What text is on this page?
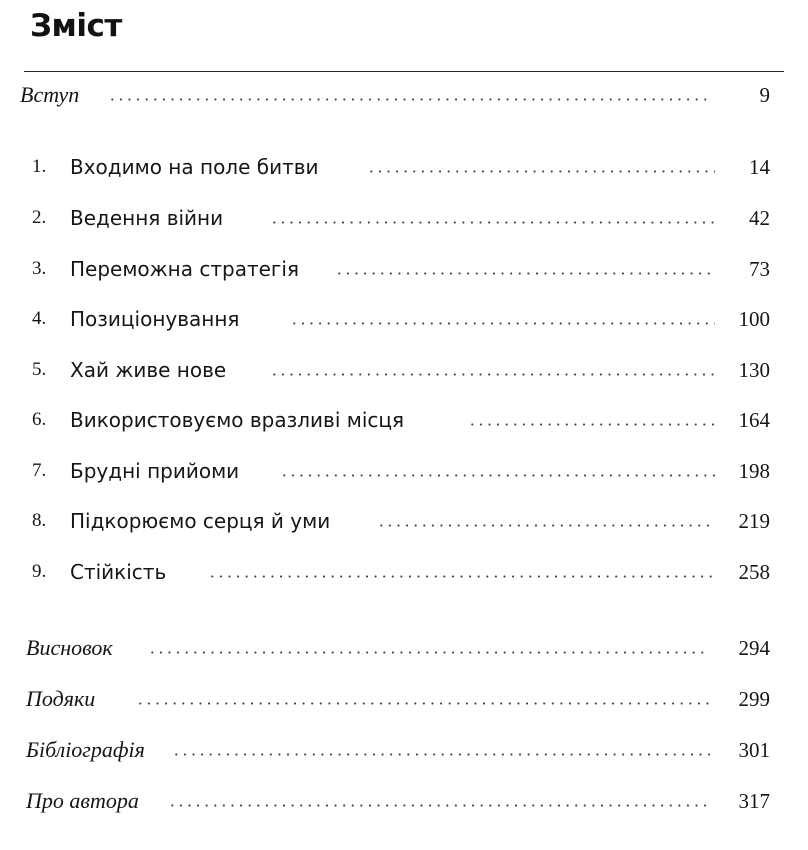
Зміст
Вступ	9
1. Входимо на поле битви	14
2. Ведення війни	42
3. Переможна стратегія	73
4. Позиціонування	100
5. Хай живе нове	130
6. Використовуємо вразливі місця	164
7. Брудні прийоми	198
8. Підкорюємо серця й уми	219
9. Стійкість	258
Висновок	294
Подяки	299
Бібліографія	301
Про автора	317
